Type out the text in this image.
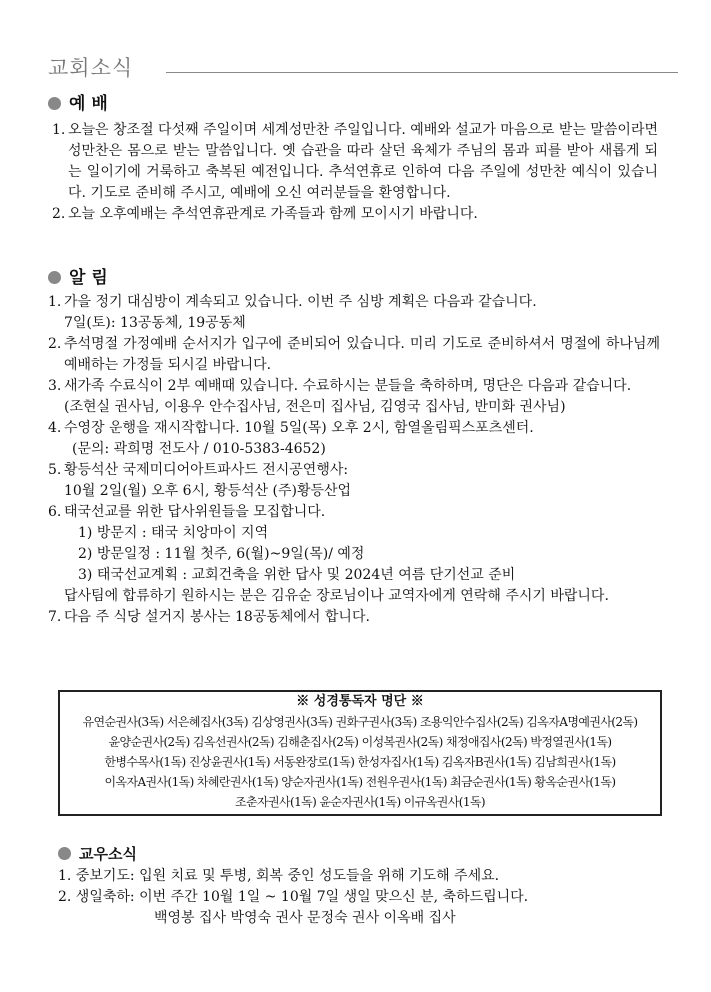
교회소식
예 배
1. 오늘은 창조절 다섯째 주일이며 세계성만찬 주일입니다. 예배와 설교가 마음으로 받는 말씀이라면 성만찬은 몸으로 받는 말씀입니다. 옛 습관을 따라 살던 육체가 주님의 몸과 피를 받아 새롭게 되는 일이기에 거룩하고 축복된 예전입니다. 추석연휴로 인하여 다음 주일에 성만찬 예식이 있습니다. 기도로 준비해 주시고, 예배에 오신 여러분들을 환영합니다.
2. 오늘 오후예배는 추석연휴관계로 가족들과 함께 모이시기 바랍니다.
알 림
1. 가을 정기 대심방이 계속되고 있습니다. 이번 주 심방 계획은 다음과 같습니다.
7일(토): 13공동체, 19공동체
2. 추석명절 가정예배 순서지가 입구에 준비되어 있습니다. 미리 기도로 준비하셔서 명절에 하나님께 예배하는 가정들 되시길 바랍니다.
3. 새가족 수료식이 2부 예배때 있습니다. 수료하시는 분들을 축하하며, 명단은 다음과 같습니다.
(조현실 권사님, 이용우 안수집사님, 전은미 집사님, 김영국 집사님, 반미화 권사님)
4. 수영장 운행을 재시작합니다. 10월 5일(목) 오후 2시, 함열올림픽스포츠센터.
(문의: 곽희명 전도사 / 010-5383-4652)
5. 황등석산 국제미디어아트파사드 전시공연행사:
10월 2일(월) 오후 6시, 황등석산 (주)황등산업
6. 태국선교를 위한 답사위원들을 모집합니다.
1) 방문지 : 태국 치앙마이 지역
2) 방문일정 : 11월 첫주, 6(월)~9일(목)/ 예정
3) 태국선교계획 : 교회건축을 위한 답사 및 2024년 여름 단기선교 준비
답사팀에 합류하기 원하시는 분은 김유순 장로님이나 교역자에게 연락해 주시기 바랍니다.
7. 다음 주 식당 설거지 봉사는 18공동체에서 합니다.
※ 성경통독자 명단 ※
유연순권사(3독) 서은혜집사(3독) 김상영권사(3독) 권화구권사(3독) 조용익안수집사(2독) 김옥자A명예권사(2독)
윤양순권사(2독) 김옥선권사(2독) 김해춘집사(2독) 이성복권사(2독) 채정애집사(2독) 박정열권사(1독)
한병수목사(1독) 진상윤권사(1독) 서동완장로(1독) 한성자집사(1독) 김옥자B권사(1독) 김남희권사(1독)
이옥자A권사(1독) 차혜란권사(1독) 양순자권사(1독) 전원우권사(1독) 최금순권사(1독) 황옥순권사(1독)
조춘자권사(1독) 윤순자권사(1독) 이규옥권사(1독)
교우소식
1. 중보기도: 입원 치료 및 투병, 회복 중인 성도들을 위해 기도해 주세요.
2. 생일축하: 이번 주간 10월 1일 ~ 10월 7일 생일 맞으신 분, 축하드립니다.
백영봉 집사 박영숙 권사 문정숙 권사 이옥배 집사
